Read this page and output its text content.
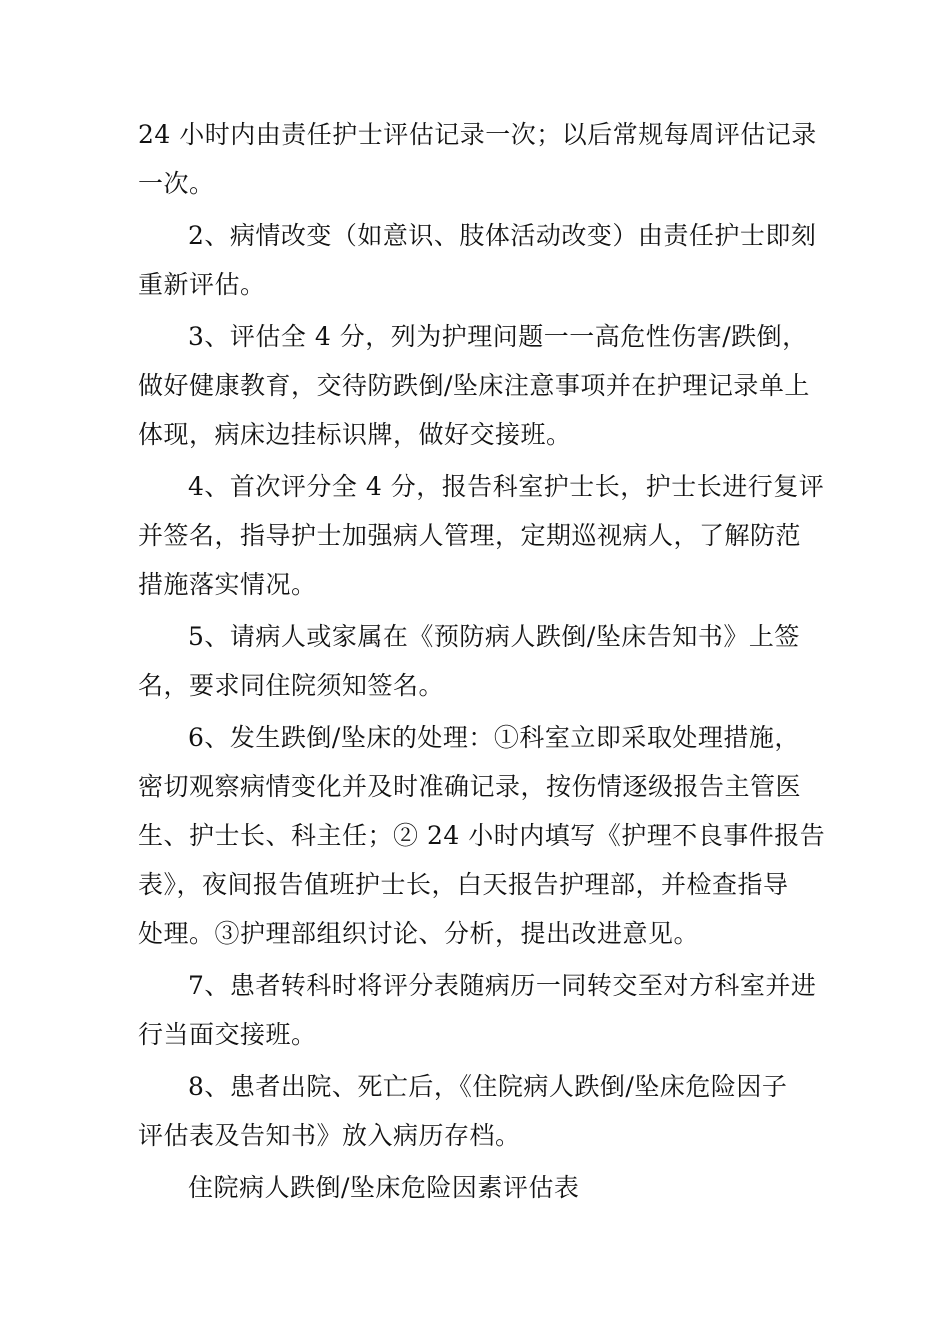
24 小时内由责任护士评估记录一次；以后常规每周评估记录
一次。

2、病情改变（如意识、肢体活动改变）由责任护士即刻
重新评估。

3、评估全 4 分，列为护理问题一一高危性伤害/跌倒，
做好健康教育，交待防跌倒/坠床注意事项并在护理记录单上
体现，病床边挂标识牌，做好交接班。

4、首次评分全 4 分，报告科室护士长，护士长进行复评
并签名，指导护士加强病人管理，定期巡视病人，了解防范
措施落实情况。

5、请病人或家属在《预防病人跌倒/坠床告知书》上签
名，要求同住院须知签名。

6、发生跌倒/坠床的处理：①科室立即采取处理措施，
密切观察病情变化并及时准确记录，按伤情逐级报告主管医
生、护士长、科主任；② 24 小时内填写《护理不良事件报告
表》，夜间报告值班护士长，白天报告护理部，并检查指导
处理。③护理部组织讨论、分析，提出改进意见。

7、患者转科时将评分表随病历一同转交至对方科室并进
行当面交接班。

8、患者出院、死亡后，《住院病人跌倒/坠床危险因子
评估表及告知书》放入病历存档。

住院病人跌倒/坠床危险因素评估表
